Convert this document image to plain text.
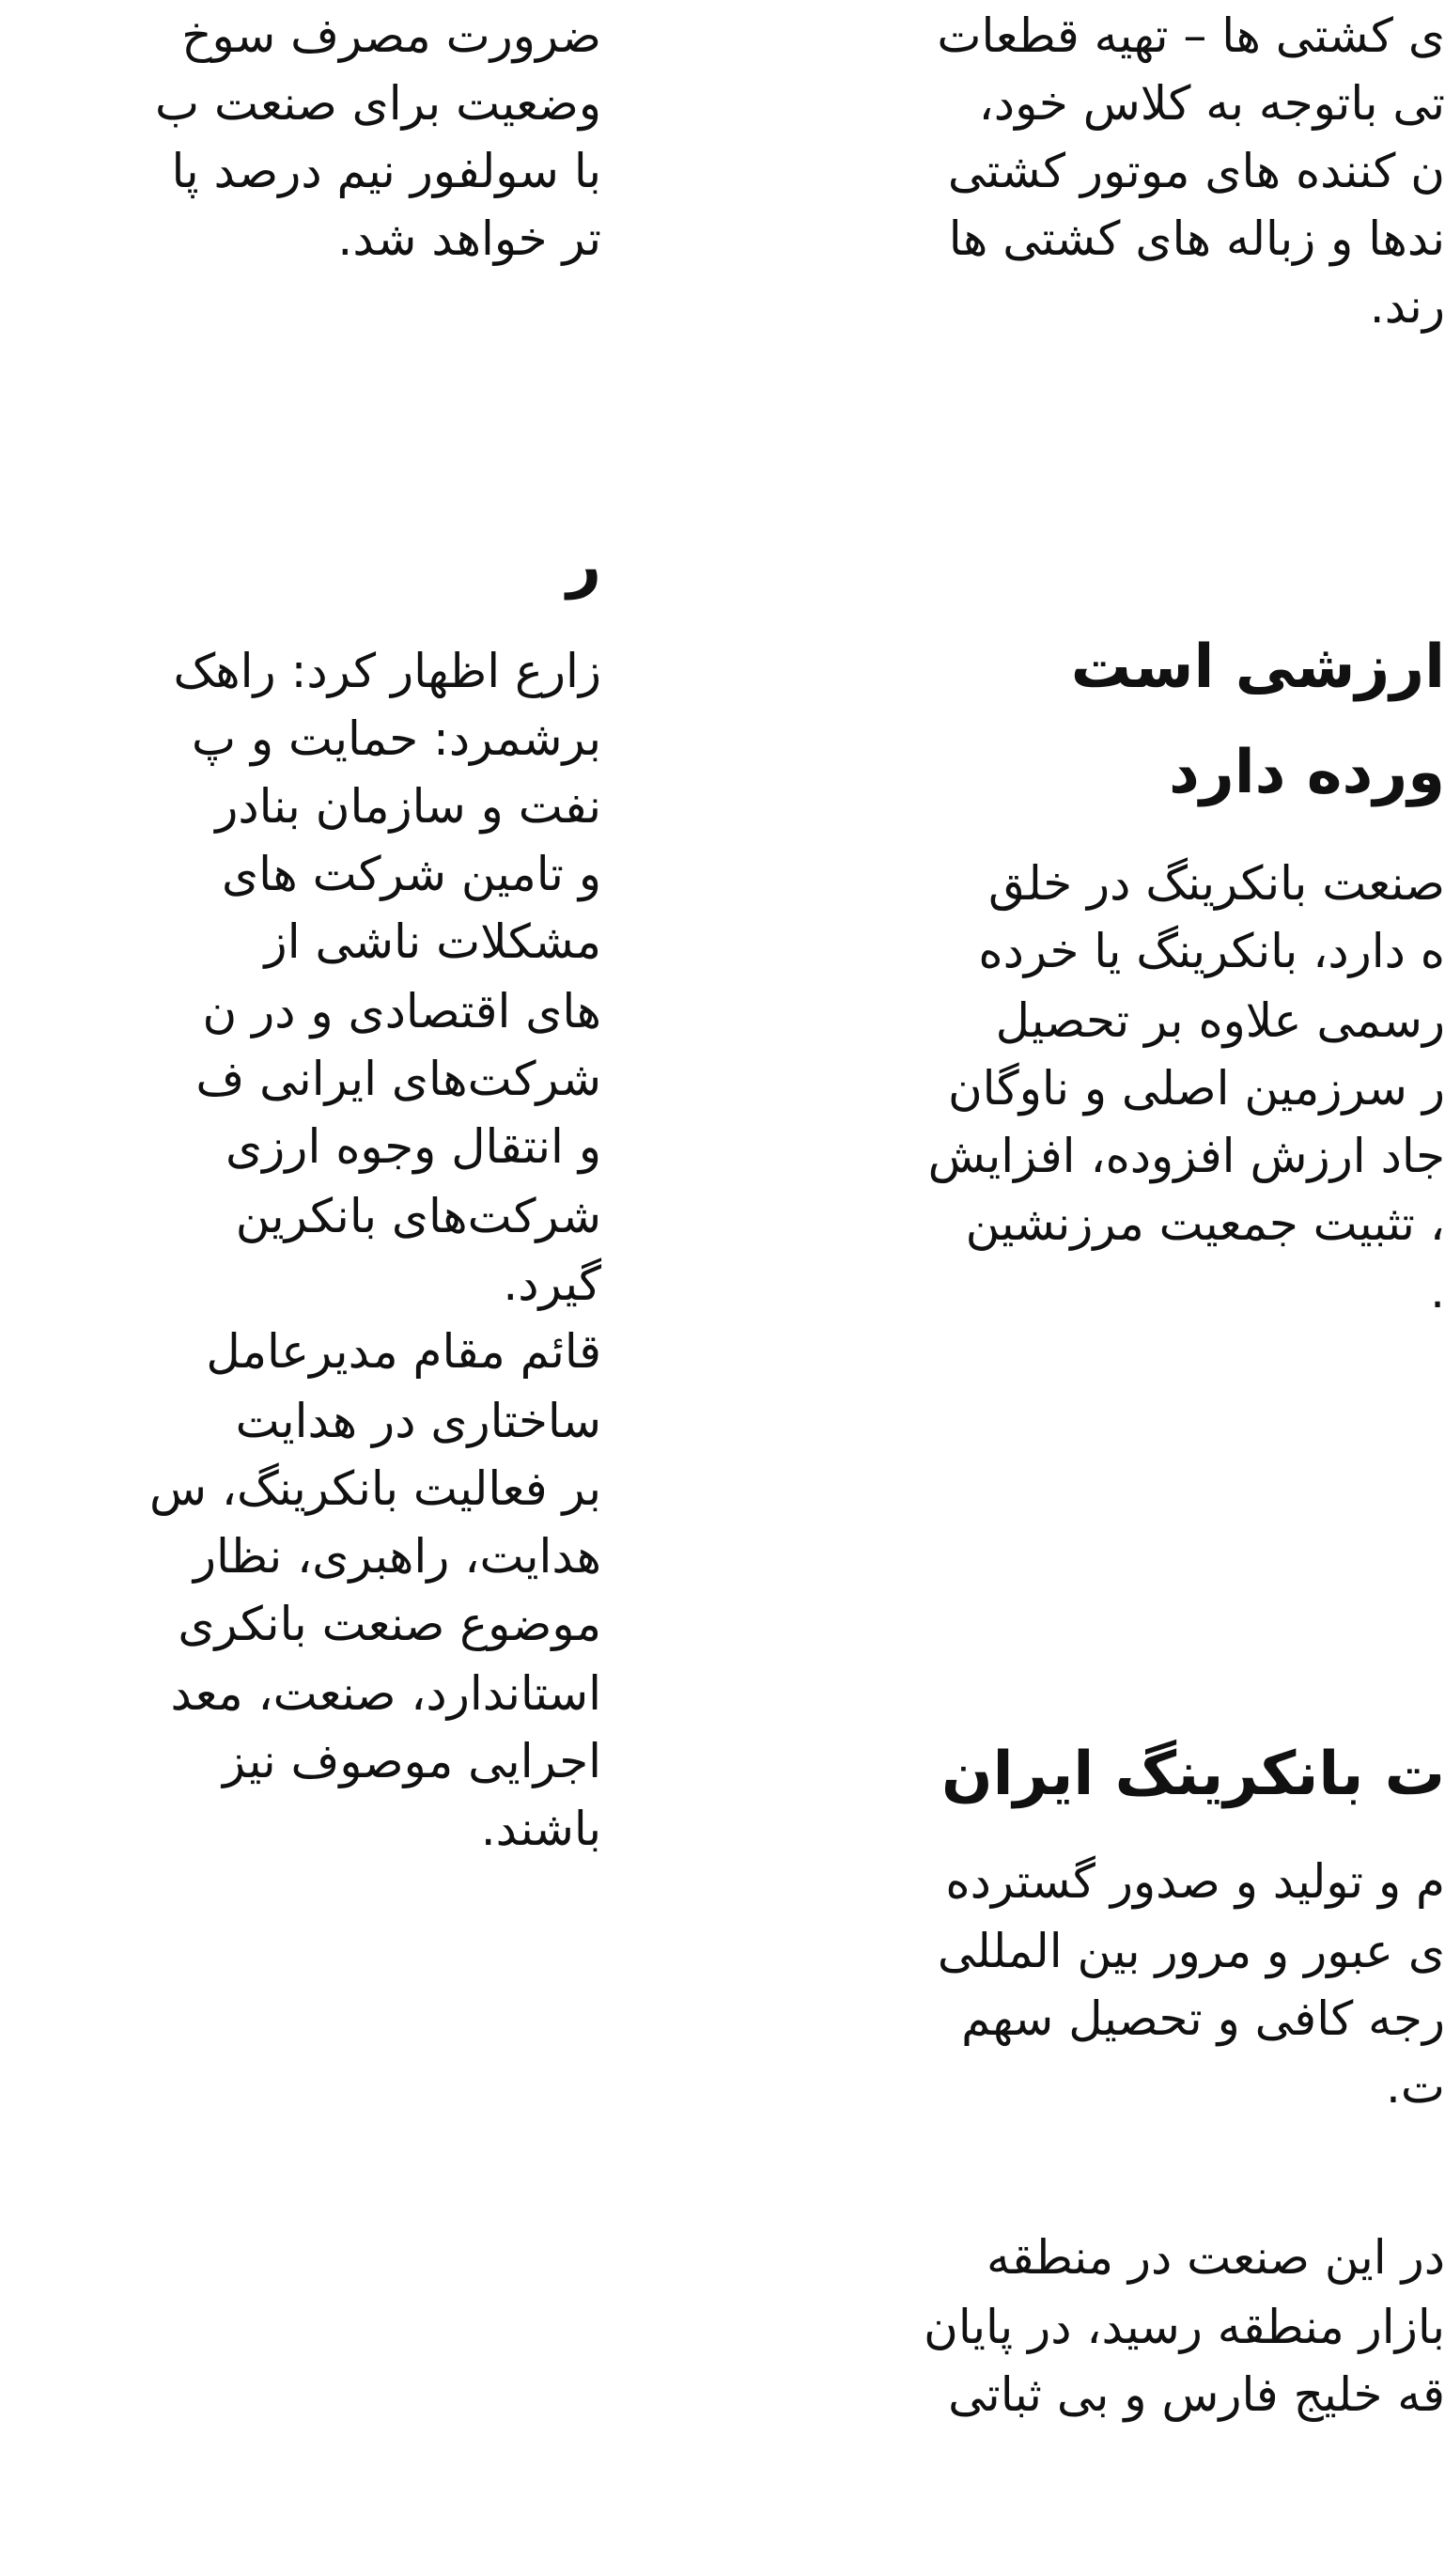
ی کشتی ها – تهیه قطعات
تی باتوجه به کلاس خود،
ن کننده های موتور کشتی
ندها و زباله های کشتی ها
رند.
ارزشی است
ورده دارد
صنعت بانکرینگ در خلق
ه دارد، بانکرینگ یا خرده
رسمی علاوه بر تحصیل
ر سرزمین اصلی و ناوگان
جاد ارزش افزوده، افزایش
، تثبیت جمعیت مرزنشین
.
ت بانکرینگ ایران
م و تولید و صدور گسترده
ی عبور و مرور بین المللی
رجه کافی و تحصیل سهم
ت.
در این صنعت در منطقه
بازار منطقه رسید، در پایان
قه خلیج فارس و بی ثباتی
ضرورت مصرف سوخ
وضعیت برای صنعت ب
با سولفور نیم درصد پا
تر خواهد شد.
ر
زارع اظهار کرد: راهک
برشمرد: حمایت و پ
نفت و سازمان بنادر
و تامین شرکت های
مشکلات ناشی از
های اقتصادی و در ن
شرکت‌های ایرانی ف
و انتقال وجوه ارزی‌
شرکت‌های بانکرین
گیرد.
قائم مقام مدیرعامل
ساختاری در هدایت
بر فعالیت بانکرینگ، س
هدایت، راهبری، نظار
موضوع صنعت بانکری
استاندارد، صنعت، معد
اجرایی موصوف نیز
باشند.
